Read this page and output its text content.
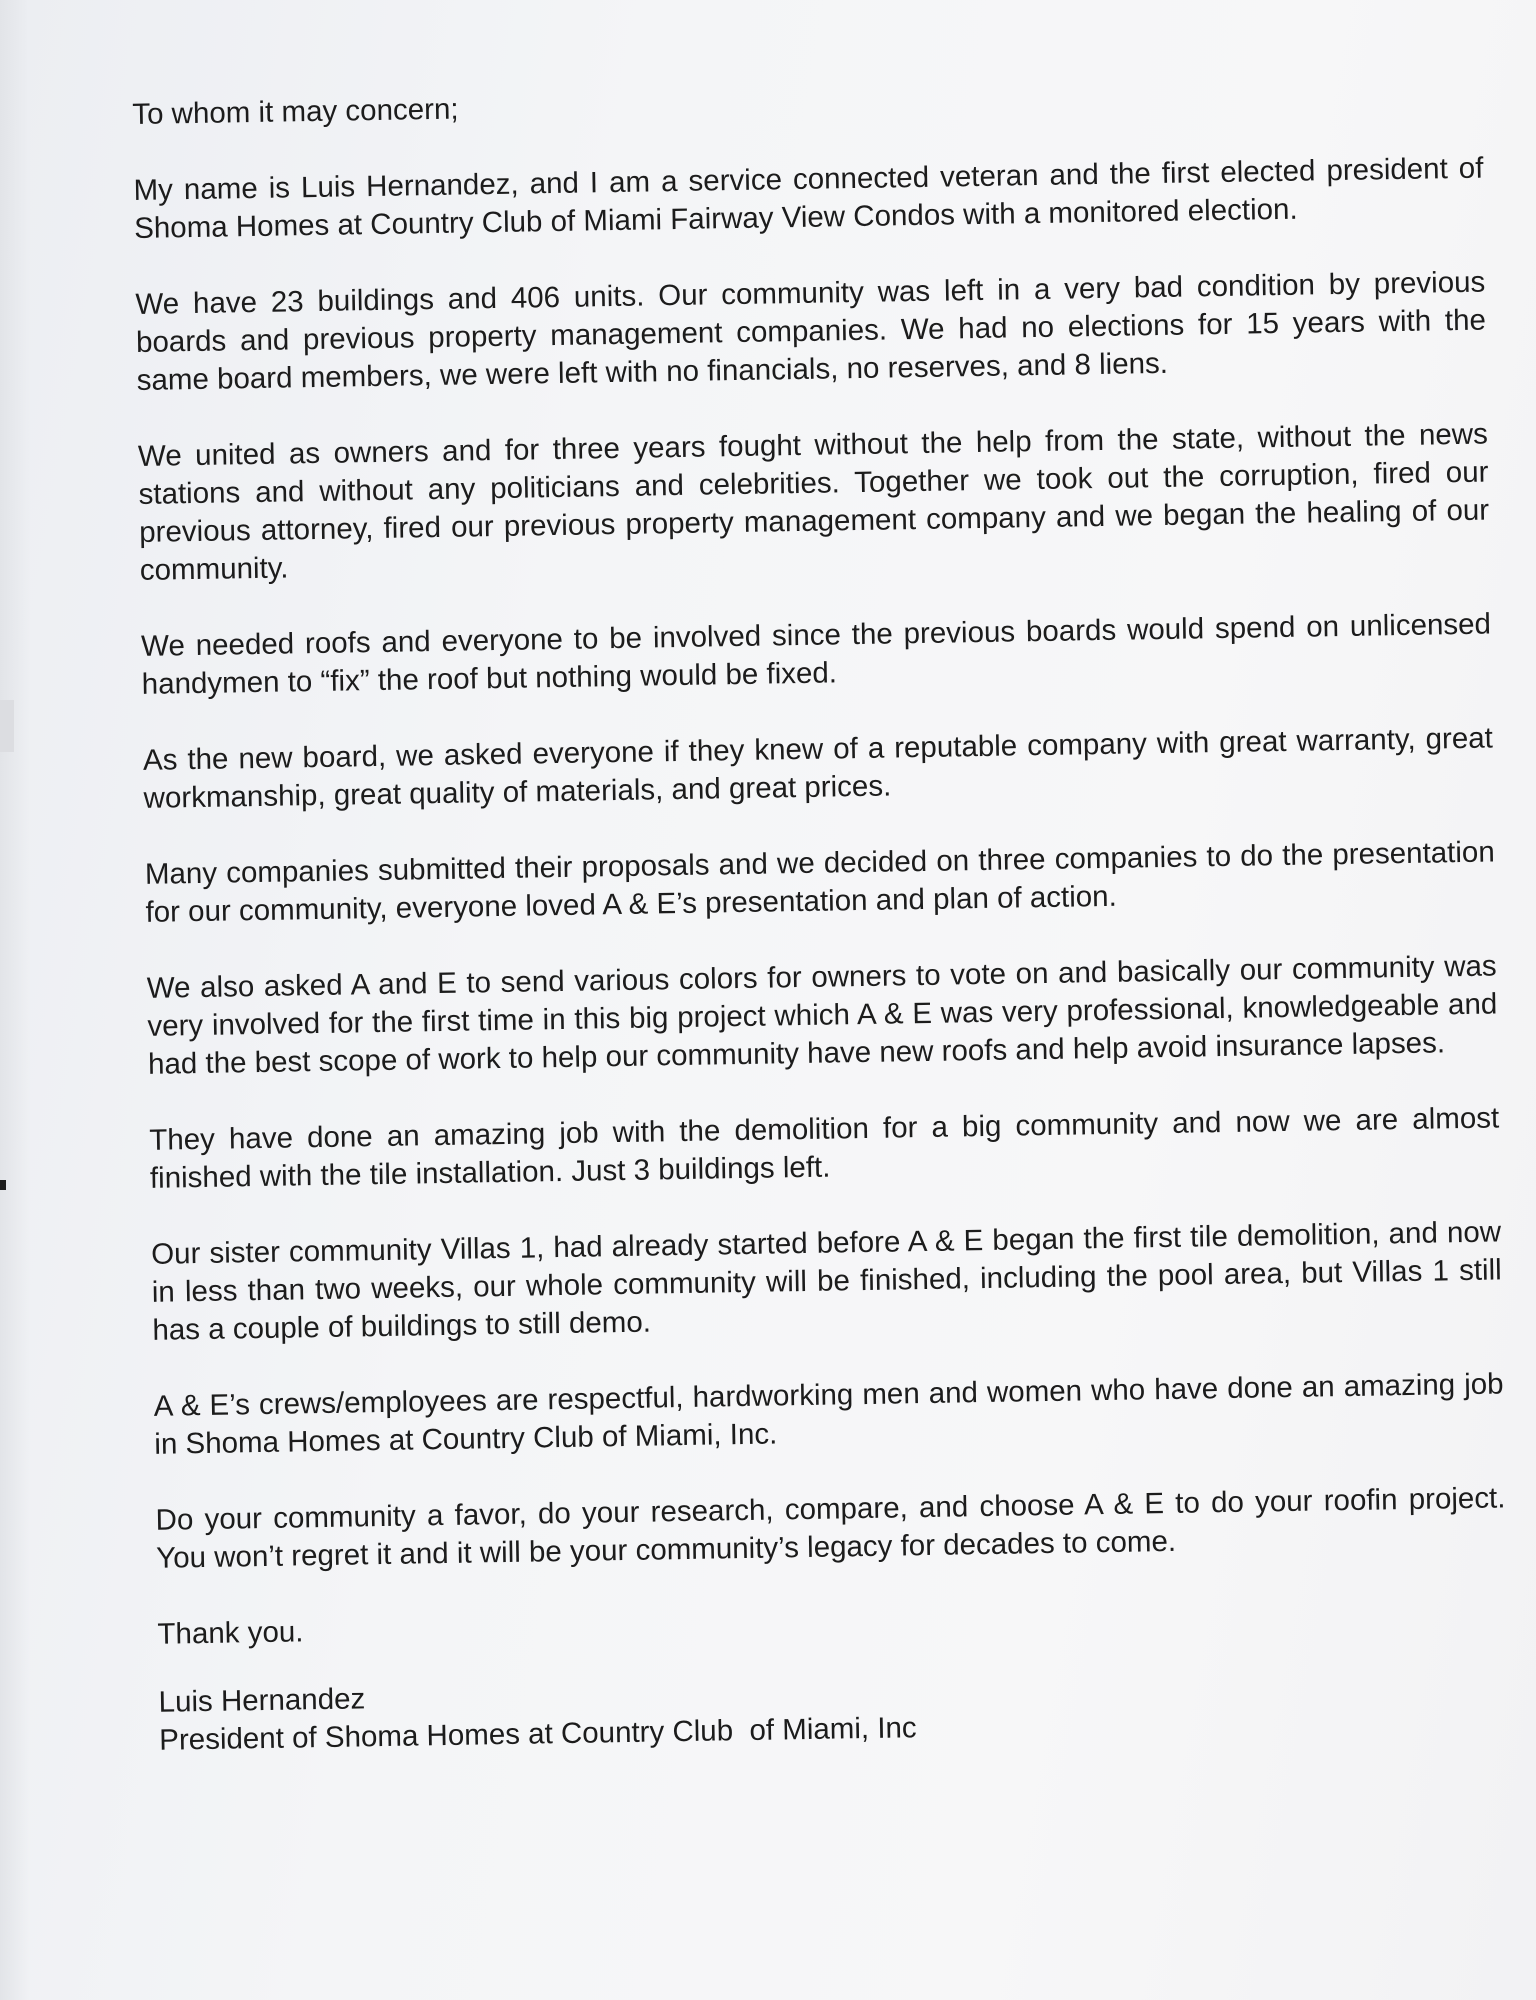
To whom it may concern;

My name is Luis Hernandez, and I am a service connected veteran and the first elected president of Shoma Homes at Country Club of Miami Fairway View Condos with a monitored election.

We have 23 buildings and 406 units. Our community was left in a very bad condition by previous boards and previous property management companies. We had no elections for 15 years with the same board members, we were left with no financials, no reserves, and 8 liens.

We united as owners and for three years fought without the help from the state, without the news stations and without any politicians and celebrities. Together we took out the corruption, fired our previous attorney, fired our previous property management company and we began the healing of our community.

We needed roofs and everyone to be involved since the previous boards would spend on unlicensed handymen to “fix” the roof but nothing would be fixed.

As the new board, we asked everyone if they knew of a reputable company with great warranty, great workmanship, great quality of materials, and great prices.

Many companies submitted their proposals and we decided on three companies to do the presentation for our community, everyone loved A & E’s presentation and plan of action.

We also asked A and E to send various colors for owners to vote on and basically our community was very involved for the first time in this big project which A & E was very professional, knowledgeable and had the best scope of work to help our community have new roofs and help avoid insurance lapses.

They have done an amazing job with the demolition for a big community and now we are almost finished with the tile installation. Just 3 buildings left.

Our sister community Villas 1, had already started before A & E began the first tile demolition, and now in less than two weeks, our whole community will be finished, including the pool area, but Villas 1 still has a couple of buildings to still demo.

A & E’s crews/employees are respectful, hardworking men and women who have done an amazing job in Shoma Homes at Country Club of Miami, Inc.

Do your community a favor, do your research, compare, and choose A & E to do your roofin project. You won’t regret it and it will be your community’s legacy for decades to come.

Thank you.

Luis Hernandez
President of Shoma Homes at Country Club  of Miami, Inc
